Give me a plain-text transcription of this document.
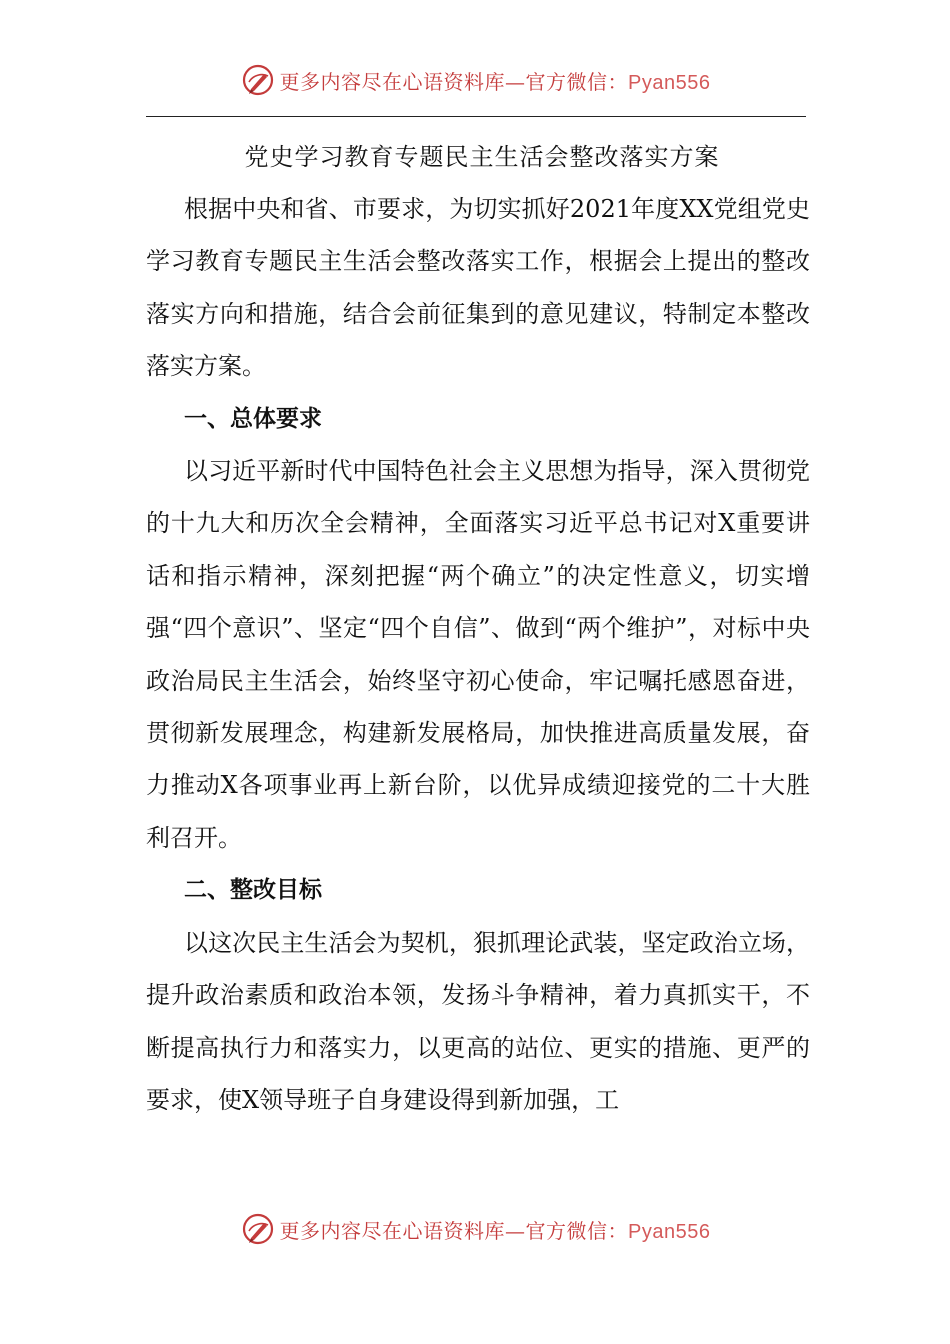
更多内容尽在心语资料库—官方微信：Pyan556

党史学习教育专题民主生活会整改落实方案

根据中央和省、市要求，为切实抓好2021年度XX党组党史学习教育专题民主生活会整改落实工作，根据会上提出的整改落实方向和措施，结合会前征集到的意见建议，特制定本整改落实方案。

一、总体要求

以习近平新时代中国特色社会主义思想为指导，深入贯彻党的十九大和历次全会精神，全面落实习近平总书记对X重要讲话和指示精神，深刻把握“两个确立”的决定性意义，切实增强“四个意识”、坚定“四个自信”、做到“两个维护”，对标中央政治局民主生活会，始终坚守初心使命，牢记嘱托感恩奋进，贯彻新发展理念，构建新发展格局，加快推进高质量发展，奋力推动X各项事业再上新台阶，以优异成绩迎接党的二十大胜利召开。

二、整改目标

以这次民主生活会为契机，狠抓理论武装，坚定政治立场，提升政治素质和政治本领，发扬斗争精神，着力真抓实干，不断提高执行力和落实力，以更高的站位、更实的措施、更严的要求，使X领导班子自身建设得到新加强，工

更多内容尽在心语资料库—官方微信：Pyan556
